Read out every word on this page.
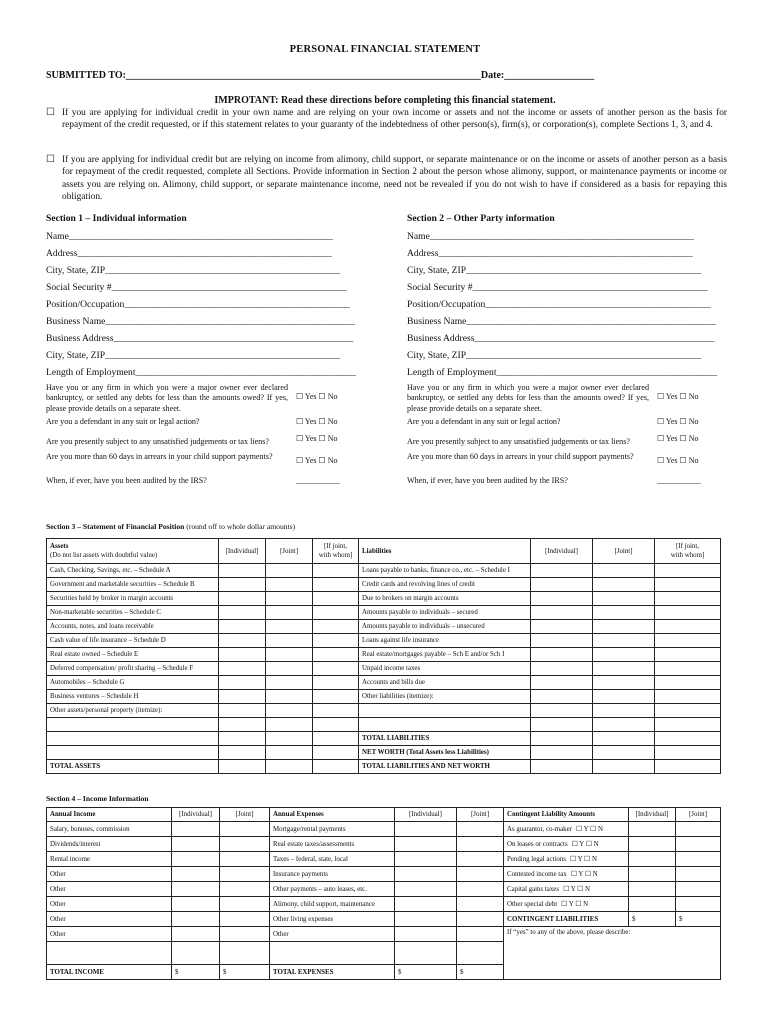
PERSONAL FINANCIAL STATEMENT
SUBMITTED TO:_______________________________________________________________________Date:__________________
IMPROTANT: Read these directions before completing this financial statement.
☐ If you are applying for individual credit in your own name and are relying on your own income or assets and not the income or assets of another person as the basis for repayment of the credit requested, or if this statement relates to your guaranty of the indebtedness of other person(s), firm(s), or corporation(s), complete Sections 1, 3, and 4.
☐ If you are applying for individual credit but are relying on income from alimony, child support, or separate maintenance or on the income or assets of another person as a basis for repayment of the credit requested, complete all Sections. Provide information in Section 2 about the person whose alimony, support, or maintenance payments or income or assets you are relying on. Alimony, child support, or separate maintenance income, need not be revealed if you do not wish to have if considered as a basis for repaying this obligation.
Section 1 – Individual information	Section 2 – Other Party information
Name_______________________________________________________
Address_____________________________________________________
City, State, ZIP_________________________________________________
Social Security #_________________________________________________
Position/Occupation_______________________________________________
Business Name____________________________________________________
Business Address__________________________________________________
City, State, ZIP_________________________________________________
Length of Employment______________________________________________
Have you or any firm in which you were a major owner ever declared bankruptcy, or settled any debts for less than the amounts owed? If yes, please provide details on a separate sheet.
☐ Yes ☐ No
Are you a defendant in any suit or legal action?	☐ Yes ☐ No
Are you presently subject to any unsatisfied judgements or tax liens?	☐ Yes ☐ No
Are you more than 60 days in arrears in your child support payments?	☐ Yes ☐ No
When, if ever, have you been audited by the IRS?	___________
Name_______________________________________________________
Address_____________________________________________________
City, State, ZIP_________________________________________________
Social Security #_________________________________________________
Position/Occupation_______________________________________________
Business Name____________________________________________________
Business Address__________________________________________________
City, State, ZIP_________________________________________________
Length of Employment______________________________________________
Have you or any firm in which you were a major owner ever declared bankruptcy, or settled any debts for less than the amounts owed? If yes, please provide details on a separate sheet.
☐ Yes ☐ No
Are you a defendant in any suit or legal action?	☐ Yes ☐ No
Are you presently subject to any unsatisfied judgements or tax liens?	☐ Yes ☐ No
Are you more than 60 days in arrears in your child support payments?	☐ Yes ☐ No
When, if ever, have you been audited by the IRS?	___________
Section 3 – Statement of Financial Position (round off to whole dollar amounts)
Assets
(Do not list assets with doubtful value)	[Individual]	[Joint]	[If joint,
with whom]	Liabilities	[Individual]	[Joint]	[If joint,
with whom]
Cash, Checking, Savings, etc. – Schedule A				Loans payable to banks, finance co., etc. – Schedule I			
Government and marketable securities – Schedule B				Credit cards and revolving lines of credit			
Securities held by broker in margin accounts				Due to brokers on margin accounts			
Non-marketable securities – Schedule C				Amounts payable to individuals – secured			
Accounts, notes, and loans receivable				Amounts payable to individuals – unsecured			
Cash value of life insurance – Schedule D				Loans against life insurance			
Real estate owned – Schedule E				Real estate/mortgages payable – Sch E and/or Sch I			
Deferred compensation/ profit sharing – Schedule F				Unpaid income taxes			
Automobiles – Schedule G				Accounts and bills due			
Business ventures – Schedule H				Other liabilities (itemize):			
Other assets/personal property (itemize):							

				TOTAL LIABILITIES			
				NET WORTH (Total Assets less Liabilities)			
TOTAL ASSETS				TOTAL LIABILITIES AND NET WORTH			
Section 4 – Income Information
Annual Income	[Individual]	[Joint]	Annual Expenses	[Individual]	[Joint]	Contingent Liability Amounts	[Individual]	[Joint]
Salary, bonuses, commission			Mortgage/rental payments			As guarantor, co-maker ☐ Y ☐ N		
Dividends/interest			Real estate taxes/assessments			On leases or contracts ☐ Y ☐ N		
Rental income			Taxes – federal, state, local			Pending legal actions ☐ Y ☐ N		
Other			Insurance payments			Contested income tax ☐ Y ☐ N		
Other			Other payments – auto leases, etc.			Capital gains taxes ☐ Y ☐ N		
Other			Alimony, child support, maintenance			Other special debt ☐ Y ☐ N		
Other			Other living expenses			CONTINGENT LIABILITIES	$	$
Other			Other			If “yes” to any of the above, please describe:		

TOTAL INCOME	$	$	TOTAL EXPENSES	$	$			
